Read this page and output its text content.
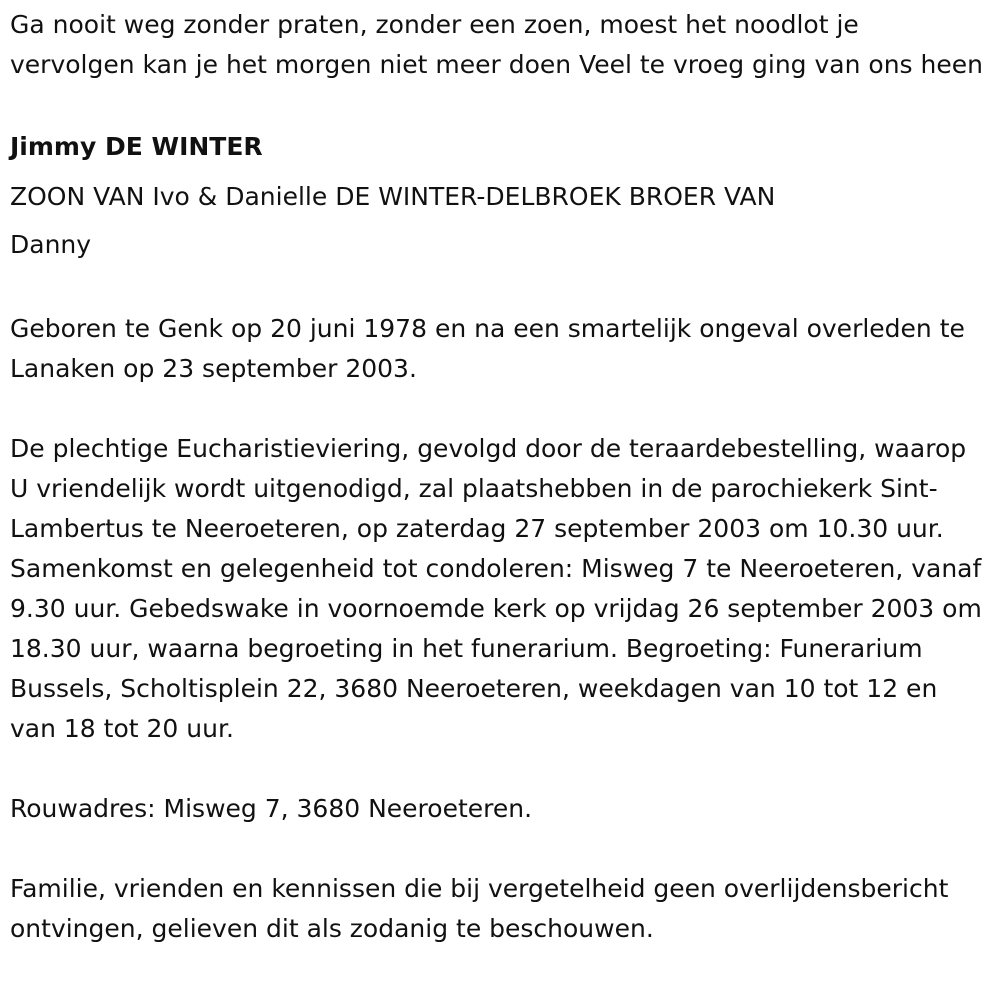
Ga nooit weg zonder praten, zonder een zoen, moest het noodlot je vervolgen kan je het morgen niet meer doen Veel te vroeg ging van ons heen

Jimmy DE WINTER

ZOON VAN Ivo & Danielle DE WINTER-DELBROEK BROER VAN

Danny

Geboren te Genk op 20 juni 1978 en na een smartelijk ongeval overleden te Lanaken op 23 september 2003.

De plechtige Eucharistieviering, gevolgd door de teraardebestelling, waarop U vriendelijk wordt uitgenodigd, zal plaatshebben in de parochiekerk Sint-Lambertus te Neeroeteren, op zaterdag 27 september 2003 om 10.30 uur. Samenkomst en gelegenheid tot condoleren: Misweg 7 te Neeroeteren, vanaf 9.30 uur. Gebedswake in voornoemde kerk op vrijdag 26 september 2003 om 18.30 uur, waarna begroeting in het funerarium. Begroeting: Funerarium Bussels, Scholtisplein 22, 3680 Neeroeteren, weekdagen van 10 tot 12 en van 18 tot 20 uur.

Rouwadres: Misweg 7, 3680 Neeroeteren.

Familie, vrienden en kennissen die bij vergetelheid geen overlijdensbericht ontvingen, gelieven dit als zodanig te beschouwen.
